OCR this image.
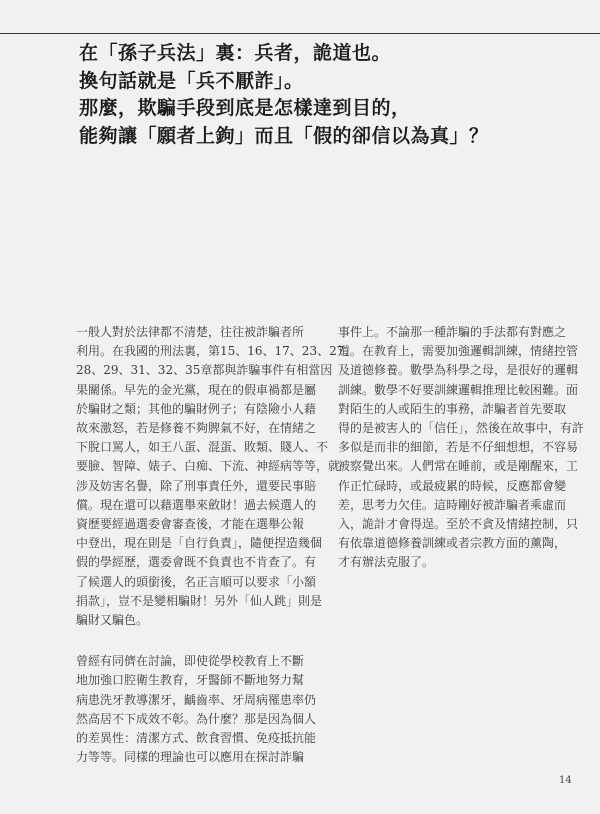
在「孫子兵法」裏：兵者，詭道也。
換句話就是「兵不厭詐」。
那麼，欺騙手段到底是怎樣達到目的，
能夠讓「願者上鉤」而且「假的卻信以為真」？
一般人對於法律都不清楚，往往被詐騙者所
利用。在我國的刑法裏，第15、16、17、23、27、
28、29、31、32、35章都與詐騙事件有相當因
果關係。早先的金光黨，現在的假車禍都是屬
於騙財之類；其他的騙財例子；有陰險小人藉
故來激怒，若是修養不夠脾氣不好，在情緒之
下脫口罵人，如王八蛋、混蛋、敗類、賤人、不
要臉、智障、婊子、白痴、下流、神經病等等，就
涉及妨害名譽，除了刑事責任外，還要民事賠
償。現在還可以藉選舉來斂財！過去候選人的
資歷要經過選委會審查後，才能在選舉公報
中登出，現在則是「自行負責」，隨便捏造幾個
假的學經歷，選委會既不負責也不肯查了。有
了候選人的頭銜後，名正言順可以要求「小額
捐款」，豈不是變相騙財！另外「仙人跳」則是
騙財又騙色。
曾經有同儕在討論，即使從學校教育上不斷
地加強口腔衛生教育，牙醫師不斷地努力幫
病患洗牙教導潔牙，齲齒率、牙周病罹患率仍
然高居不下成效不彰。為什麼？那是因為個人
的差異性：清潔方式、飲食習慣、免疫抵抗能
力等等。同樣的理論也可以應用在探討詐騙
事件上。不論那一種詐騙的手法都有對應之
道。在教育上，需要加強邏輯訓練，情緒控管
及道德修養。數學為科學之母，是很好的邏輯
訓練。數學不好要訓練邏輯推理比較困難。面
對陌生的人或陌生的事務，詐騙者首先要取
得的是被害人的「信任」，然後在故事中，有許
多似是而非的細節，若是不仔細想想，不容易
被察覺出來。人們常在睡前，或是剛醒來，工
作正忙碌時，或最疲累的時候，反應都會變
差，思考力欠佳。這時剛好被詐騙者乘虛而
入，詭計才會得逞。至於不貪及情緒控制，只
有依靠道德修養訓練或者宗教方面的薰陶，
才有辦法克服了。
14
